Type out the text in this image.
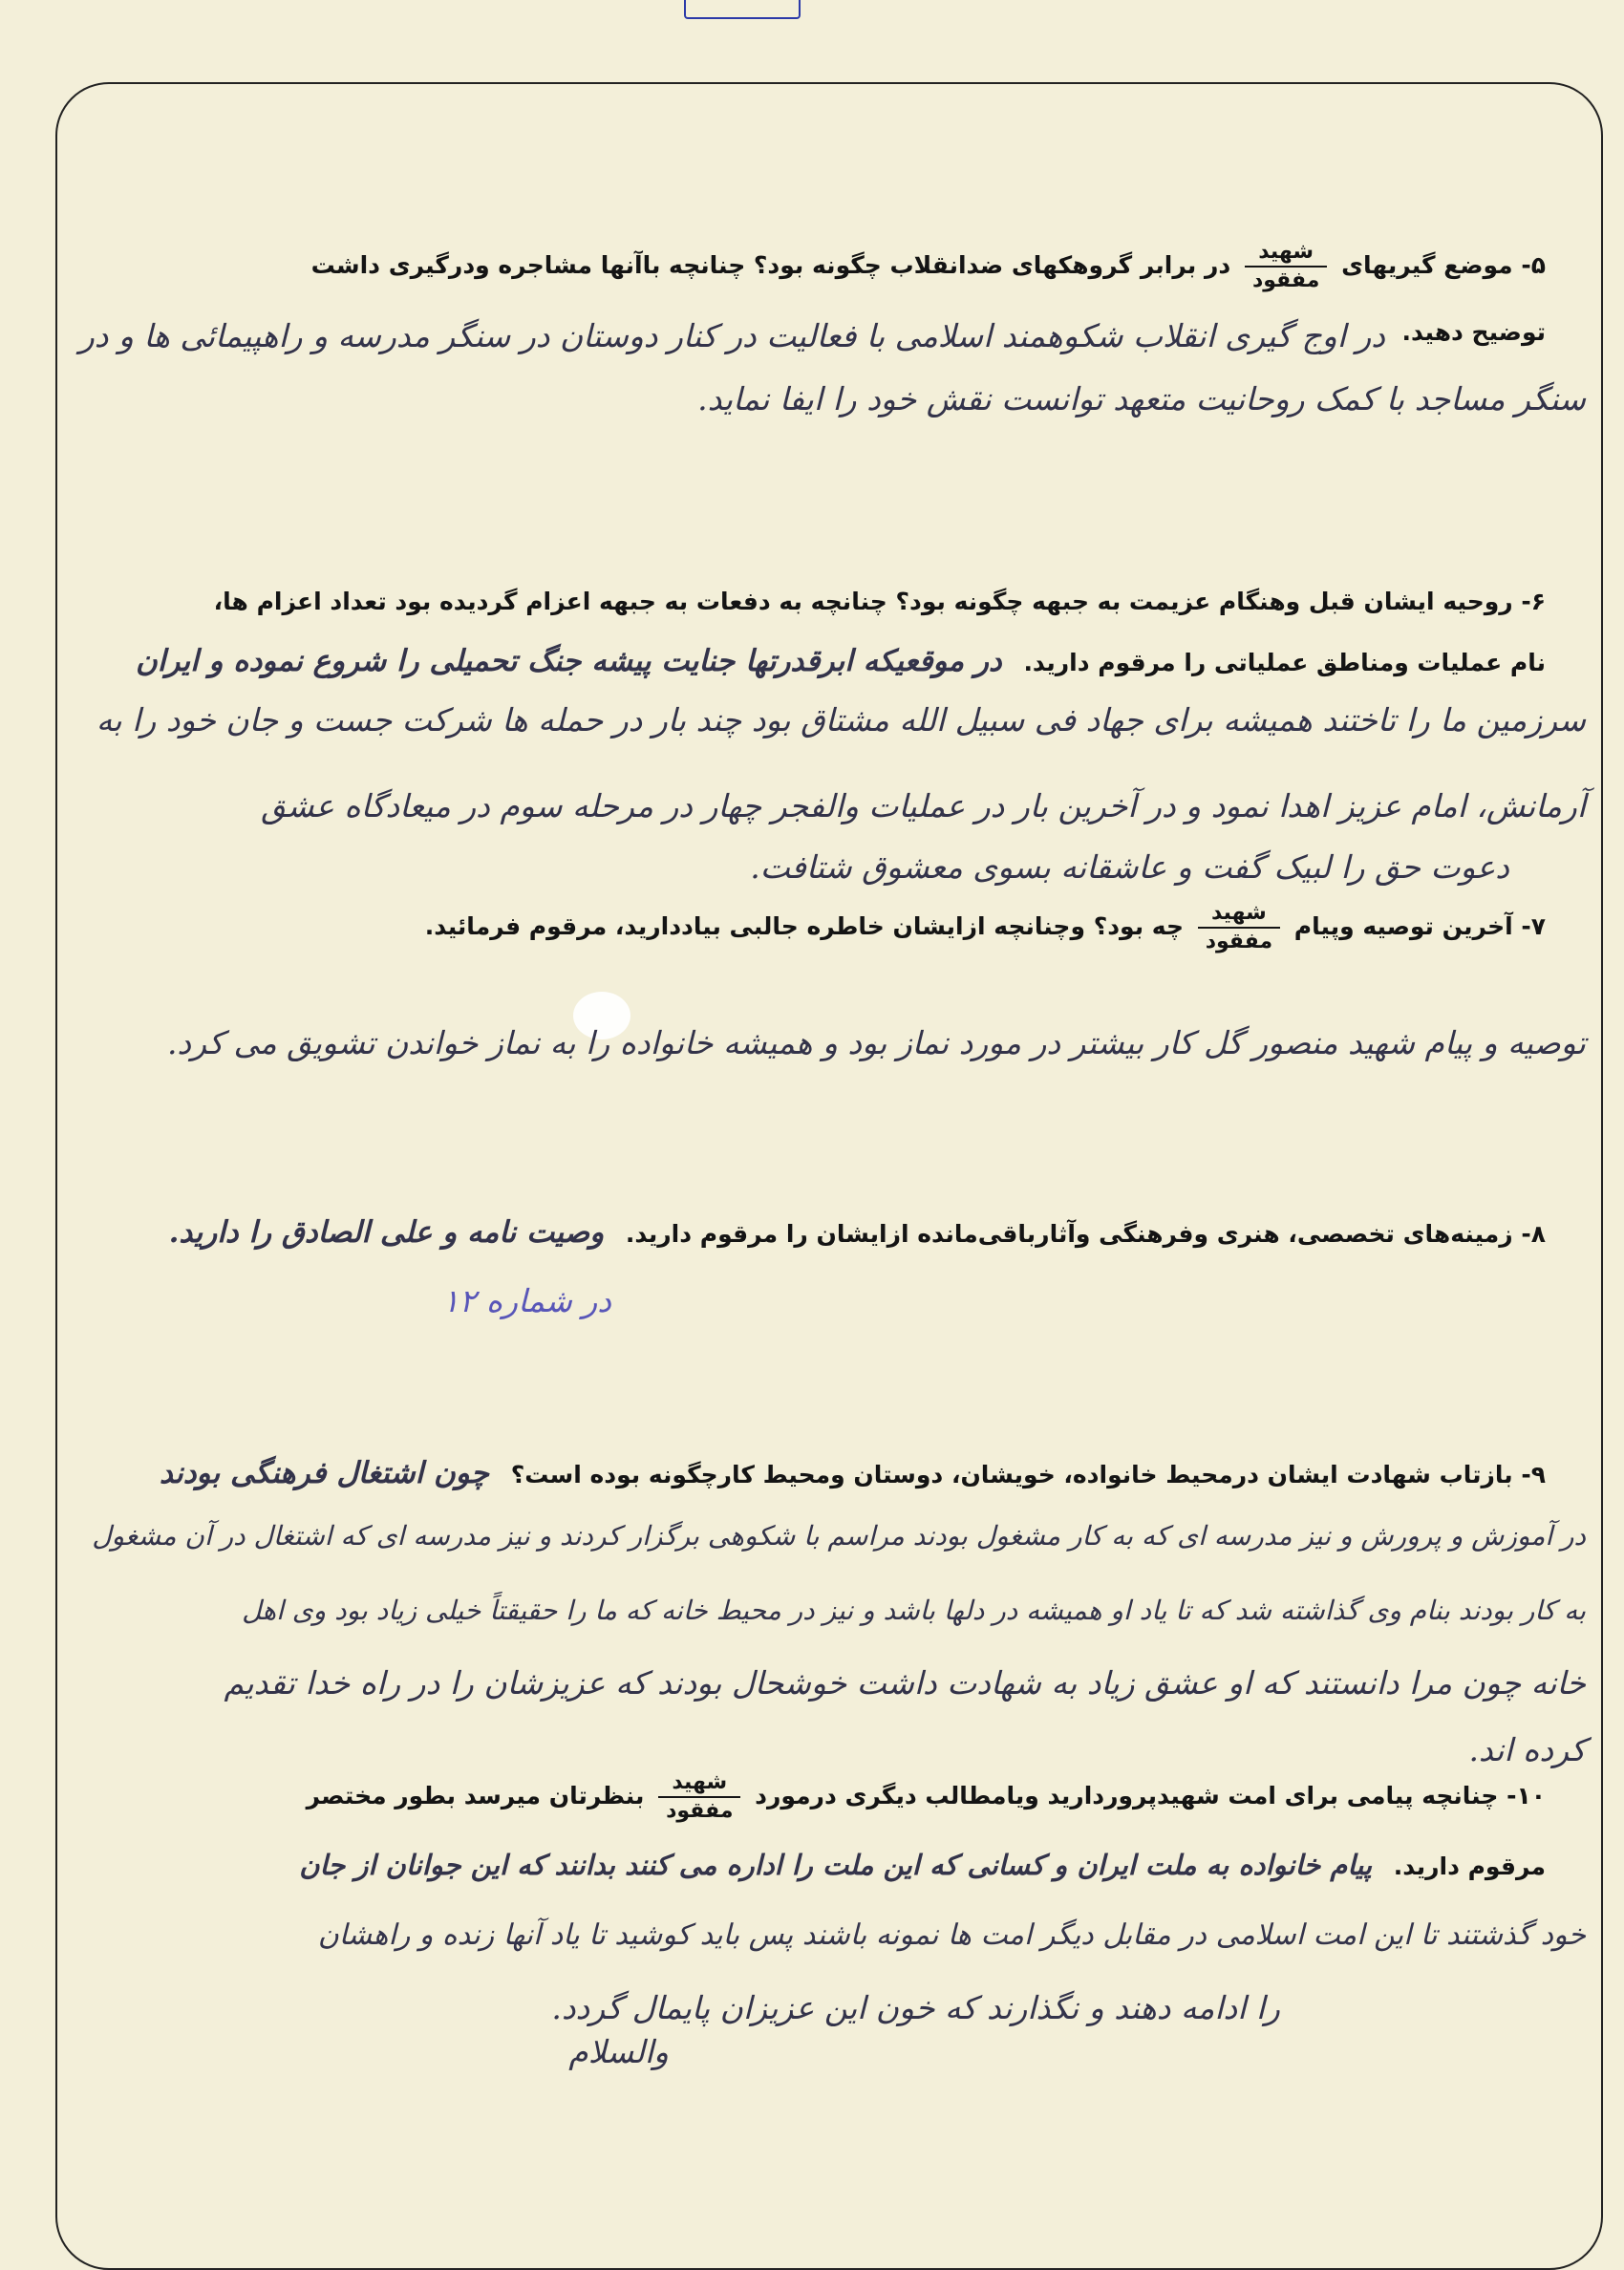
۵- موضع گیریهای
$\frac{\text{شهید}}{\text{مفقود}}$
در برابر گروهکهای ضدانقلاب چگونه بود؟ چنانچه باآنها مشاجره ودرگیری داشت
توضیح دهید.
در اوج گیری انقلاب شکوهمند اسلامی با فعالیت در کنار دوستان در سنگر مدرسه و راهپیمائی ها و در
سنگر مساجد با کمک روحانیت متعهد توانست نقش خود را ایفا نماید.
۶- روحیه ایشان قبل وهنگام عزیمت به جبهه چگونه بود؟ چنانچه به دفعات به جبهه اعزام گردیده بود تعداد اعزام ها،
نام عملیات ومناطق عملیاتی را مرقوم دارید. در موقعیکه ابرقدرتها جنایت پیشه جنگ تحمیلی را شروع نموده و ایران
سرزمین ما را تاختند همیشه برای جهاد فی سبیل الله مشتاق بود چند بار در حمله ها شرکت جست و جان خود را به
آرمانش، امام عزیز اهدا نمود و در آخرین بار در عملیات والفجر چهار در مرحله سوم در میعادگاه عشق
دعوت حق را لبیک گفت و عاشقانه بسوی معشوق شتافت.
۷- آخرین توصیه وپیام
$\frac{\text{شهید}}{\text{مفقود}}$
چه بود؟ وچنانچه ازایشان خاطره جالبی بیاددارید، مرقوم فرمائید.
توصیه و پیام شهید منصور گل کار بیشتر در مورد نماز بود و همیشه خانواده را به نماز خواندن تشویق می کرد.
۸- زمینه‌های تخصصی، هنری وفرهنگی وآثارباقی‌مانده ازایشان را مرقوم دارید. وصیت نامه و علی الصادق را دارید.
در شماره ۱۲
۹- بازتاب شهادت ایشان درمحیط خانواده، خویشان، دوستان ومحیط کارچگونه بوده است؟ چون اشتغال فرهنگی بودند
در آموزش و پرورش و نیز مدرسه ای که به کار مشغول بودند مراسم با شکوهی برگزار کردند و نیز مدرسه ای که اشتغال در آن مشغول
به کار بودند بنام وی گذاشته شد که تا یاد او همیشه در دلها باشد و نیز در محیط خانه که ما را حقیقتاً خیلی زیاد بود وی اهل
خانه چون مرا دانستند که او عشق زیاد به شهادت داشت خوشحال بودند که عزیزشان را در راه خدا تقدیم
کرده اند.
۱۰- چنانچه پیامی برای امت شهیدپروردارید ویامطالب دیگری درمورد
$\frac{\text{شهید}}{\text{مفقود}}$
بنظرتان میرسد بطور مختصر
مرقوم دارید. پیام خانواده به ملت ایران و کسانی که این ملت را اداره می کنند بدانند که این جوانان از جان
خود گذشتند تا این امت اسلامی در مقابل دیگر امت ها نمونه باشند پس باید کوشید تا یاد آنها زنده و راهشان
را ادامه دهند و نگذارند که خون این عزیزان پایمال گردد.
والسلام
